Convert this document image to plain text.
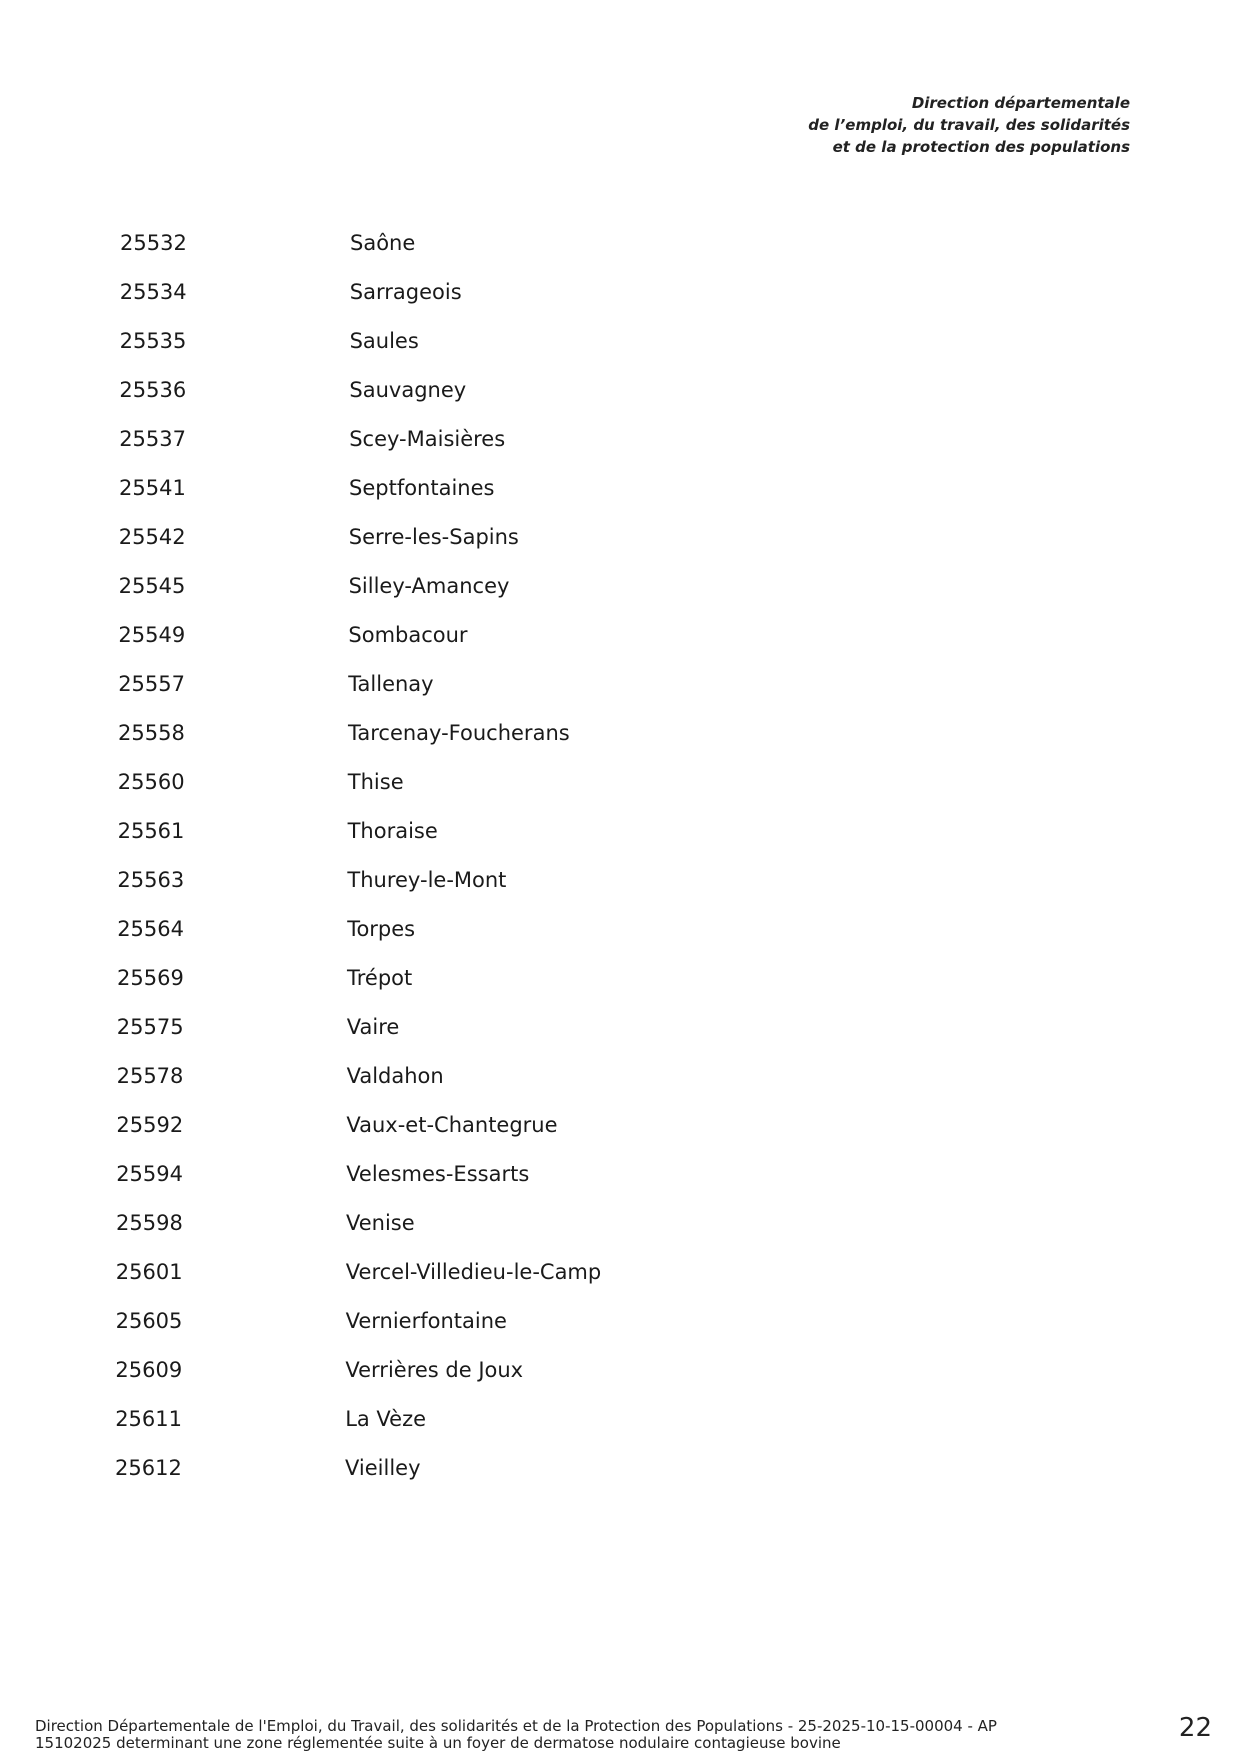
Direction départementale
de l’emploi, du travail, des solidarités
et de la protection des populations
25532	Saône
25534	Sarrageois
25535	Saules
25536	Sauvagney
25537	Scey-Maisières
25541	Septfontaines
25542	Serre-les-Sapins
25545	Silley-Amancey
25549	Sombacour
25557	Tallenay
25558	Tarcenay-Foucherans
25560	Thise
25561	Thoraise
25563	Thurey-le-Mont
25564	Torpes
25569	Trépot
25575	Vaire
25578	Valdahon
25592	Vaux-et-Chantegrue
25594	Velesmes-Essarts
25598	Venise
25601	Vercel-Villedieu-le-Camp
25605	Vernierfontaine
25609	Verrières de Joux
25611	La Vèze
25612	Vieilley
Direction Départementale de l'Emploi, du Travail, des solidarités et de la Protection des Populations - 25-2025-10-15-00004 - AP
15102025 determinant une zone réglementée suite à un foyer de dermatose nodulaire contagieuse bovine	22
